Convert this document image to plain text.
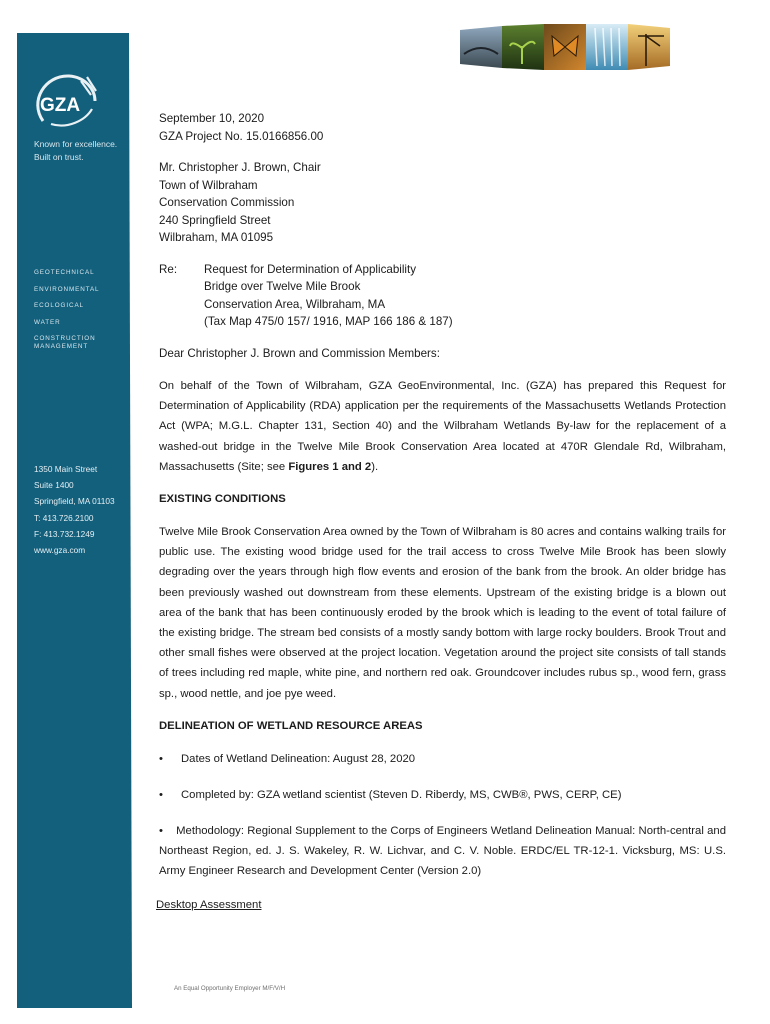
GZA
Known for excellence.
Built on trust.
GEOTECHNICAL
ENVIRONMENTAL
ECOLOGICAL
WATER
CONSTRUCTION MANAGEMENT
1350 Main Street
Suite 1400
Springfield, MA 01103
T: 413.726.2100
F: 413.732.1249
www.gza.com
September 10, 2020
GZA Project No. 15.0166856.00
Mr. Christopher J. Brown, Chair
Town of Wilbraham
Conservation Commission
240 Springfield Street
Wilbraham, MA 01095
Re:	Request for Determination of Applicability
Bridge over Twelve Mile Brook
Conservation Area, Wilbraham, MA
(Tax Map 475/0 157/ 1916, MAP 166 186 & 187)
Dear Christopher J. Brown and Commission Members:

On behalf of the Town of Wilbraham, GZA GeoEnvironmental, Inc. (GZA) has prepared this Request for Determination of Applicability (RDA) application per the requirements of the Massachusetts Wetlands Protection Act (WPA; M.G.L. Chapter 131, Section 40) and the Wilbraham Wetlands By-law for the replacement of a washed-out bridge in the Twelve Mile Brook Conservation Area located at 470R Glendale Rd, Wilbraham, Massachusetts (Site; see Figures 1 and 2).

EXISTING CONDITIONS

Twelve Mile Brook Conservation Area owned by the Town of Wilbraham is 80 acres and contains walking trails for public use. The existing wood bridge used for the trail access to cross Twelve Mile Brook has been slowly degrading over the years through high flow events and erosion of the bank from the brook. An older bridge has been previously washed out downstream from these elements. Upstream of the existing bridge is a blown out area of the bank that has been continuously eroded by the brook which is leading to the event of total failure of the existing bridge. The stream bed consists of a mostly sandy bottom with large rocky boulders. Brook Trout and other small fishes were observed at the project location. Vegetation around the project site consists of tall stands of trees including red maple, white pine, and northern red oak. Groundcover includes rubus sp., wood fern, grass sp., wood nettle, and joe pye weed.

DELINEATION OF WETLAND RESOURCE AREAS
•	Dates of Wetland Delineation: August 28, 2020
•	Completed by: GZA wetland scientist (Steven D. Riberdy, MS, CWB®, PWS, CERP, CE)
• Methodology: Regional Supplement to the Corps of Engineers Wetland Delineation Manual: North-central and Northeast Region, ed. J. S. Wakeley, R. W. Lichvar, and C. V. Noble. ERDC/EL TR-12-1. Vicksburg, MS: U.S. Army Engineer Research and Development Center (Version 2.0)
Desktop Assessment
An Equal Opportunity Employer M/F/V/H
